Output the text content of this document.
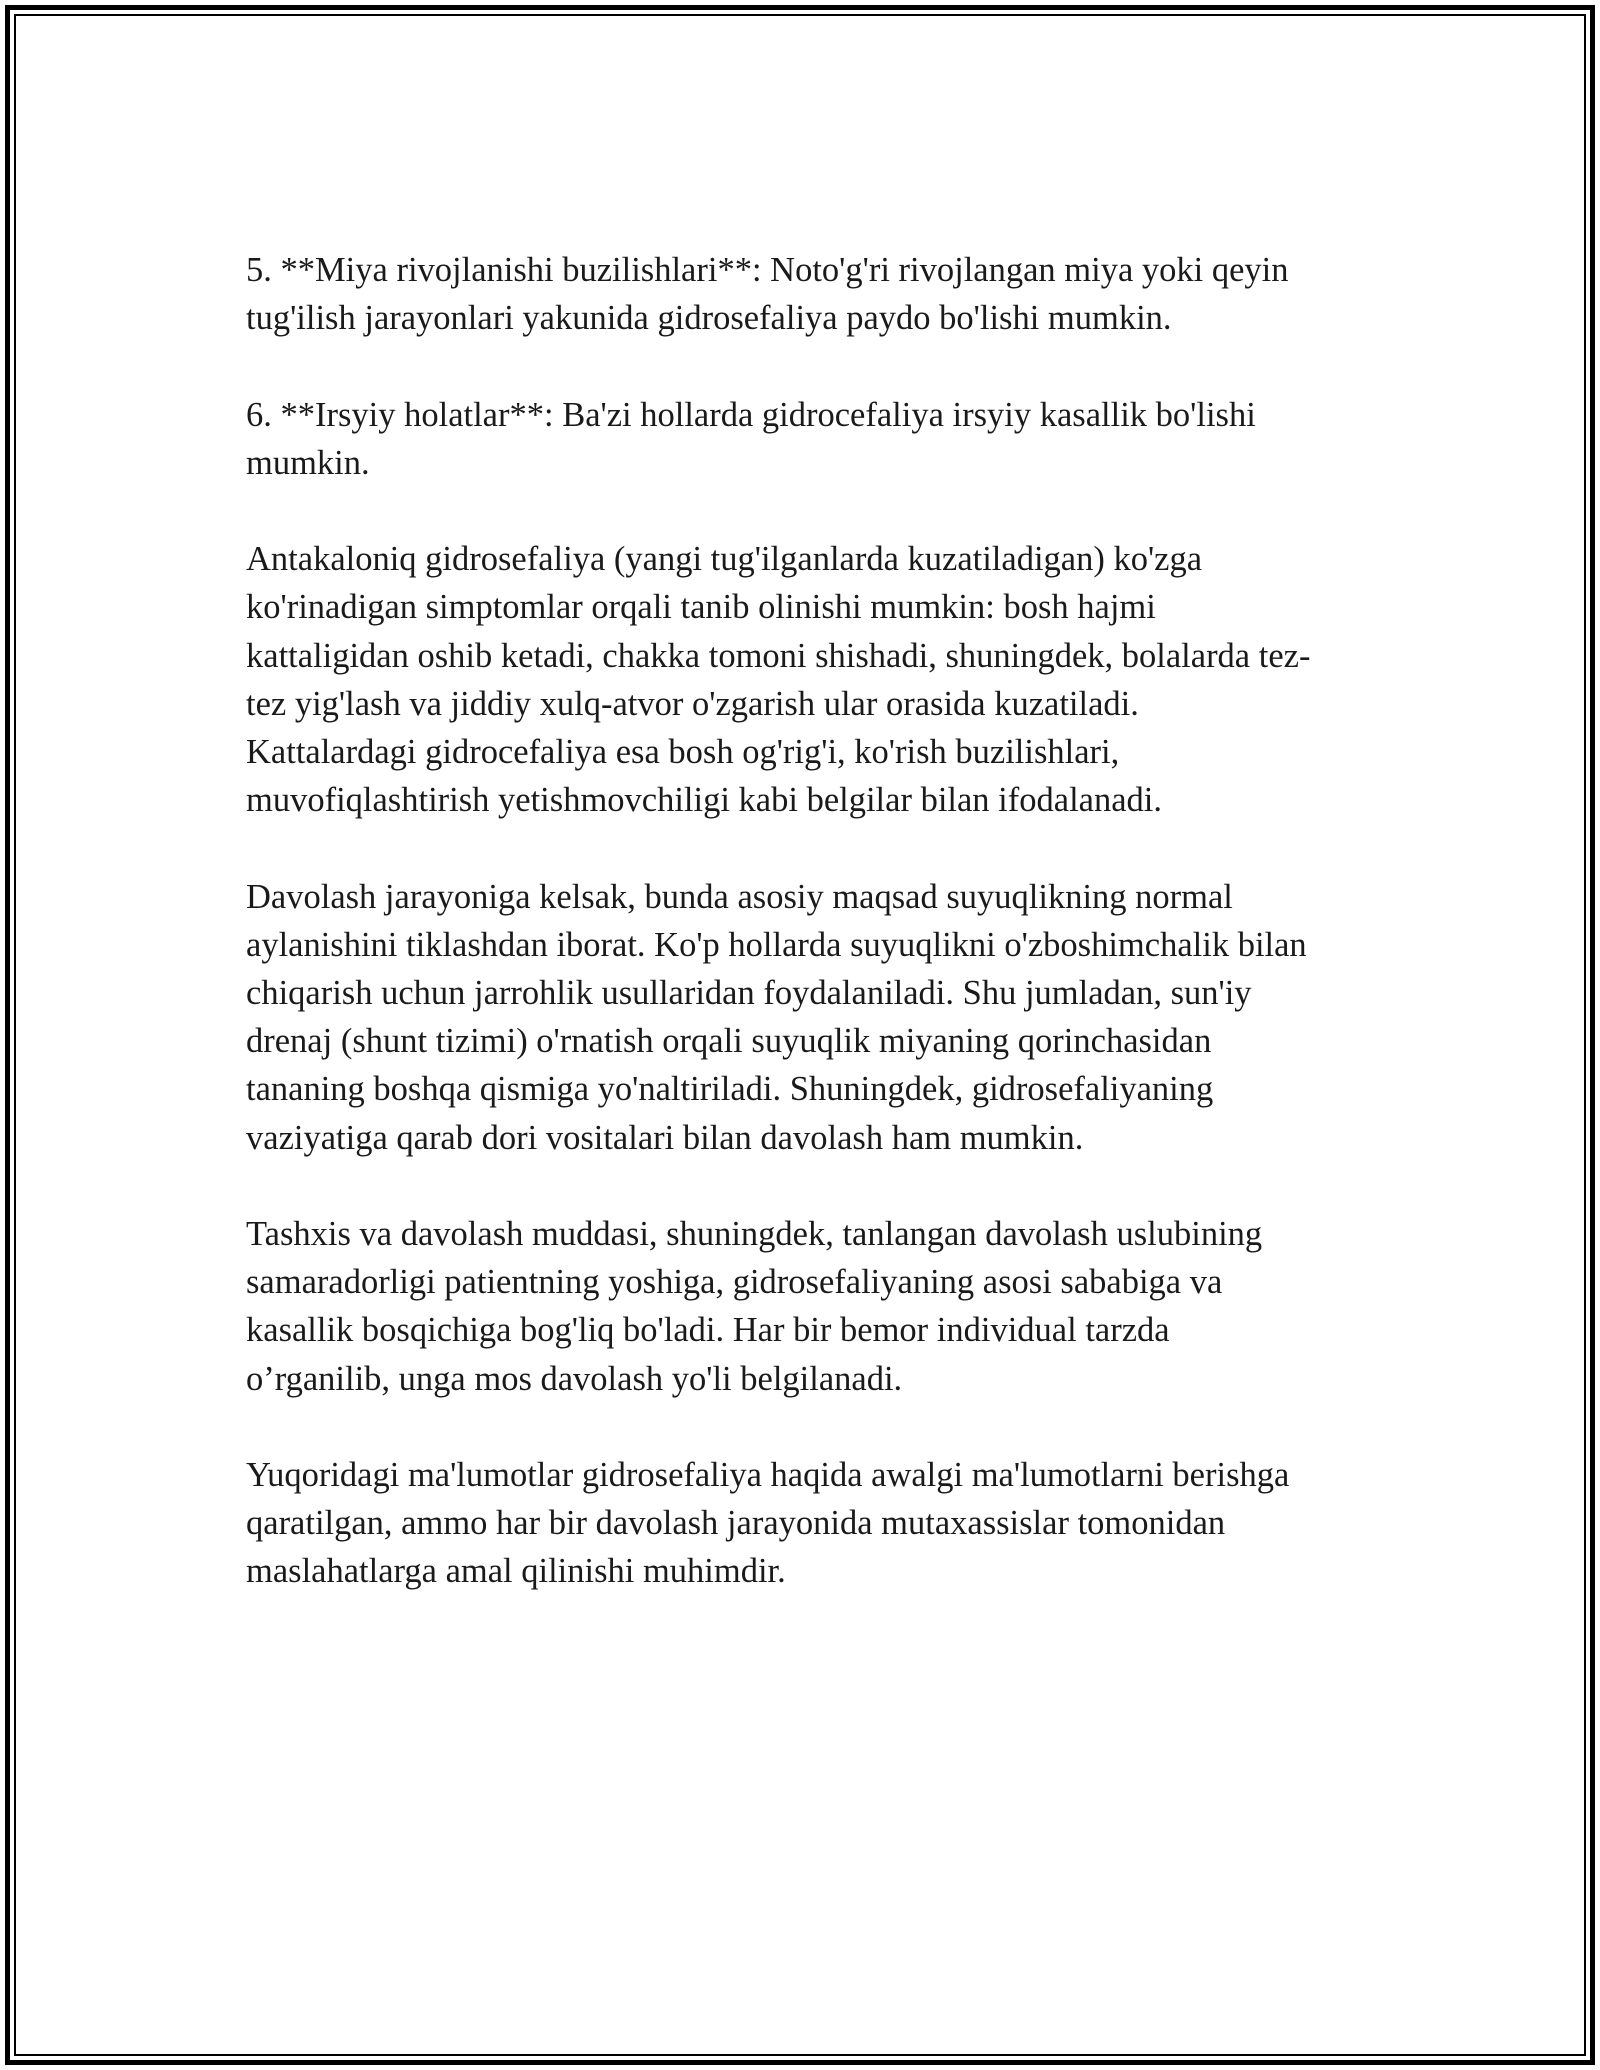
5. **Miya rivojlanishi buzilishlari**: Noto'g'ri rivojlangan miya yoki qeyin
tug'ilish jarayonlari yakunida gidrosefaliya paydo bo'lishi mumkin.

6. **Irsyiy holatlar**: Ba'zi hollarda gidrocefaliya irsyiy kasallik bo'lishi
mumkin.

Antakaloniq gidrosefaliya (yangi tug'ilganlarda kuzatiladigan) ko'zga
ko'rinadigan simptomlar orqali tanib olinishi mumkin: bosh hajmi
kattaligidan oshib ketadi, chakka tomoni shishadi, shuningdek, bolalarda tez-
tez yig'lash va jiddiy xulq-atvor o'zgarish ular orasida kuzatiladi.
Kattalardagi gidrocefaliya esa bosh og'rig'i, ko'rish buzilishlari,
muvofiqlashtirish yetishmovchiligi kabi belgilar bilan ifodalanadi.

Davolash jarayoniga kelsak, bunda asosiy maqsad suyuqlikning normal
aylanishini tiklashdan iborat. Ko'p hollarda suyuqlikni o'zboshimchalik bilan
chiqarish uchun jarrohlik usullaridan foydalaniladi. Shu jumladan, sun'iy
drenaj (shunt tizimi) o'rnatish orqali suyuqlik miyaning qorinchasidan
tananing boshqa qismiga yo'naltiriladi. Shuningdek, gidrosefaliyaning
vaziyatiga qarab dori vositalari bilan davolash ham mumkin.

Tashxis va davolash muddasi, shuningdek, tanlangan davolash uslubining
samaradorligi patientning yoshiga, gidrosefaliyaning asosi sababiga va
kasallik bosqichiga bog'liq bo'ladi. Har bir bemor individual tarzda
o’rganilib, unga mos davolash yo'li belgilanadi.

Yuqoridagi ma'lumotlar gidrosefaliya haqida awalgi ma'lumotlarni berishga
qaratilgan, ammo har bir davolash jarayonida mutaxassislar tomonidan
maslahatlarga amal qilinishi muhimdir.
